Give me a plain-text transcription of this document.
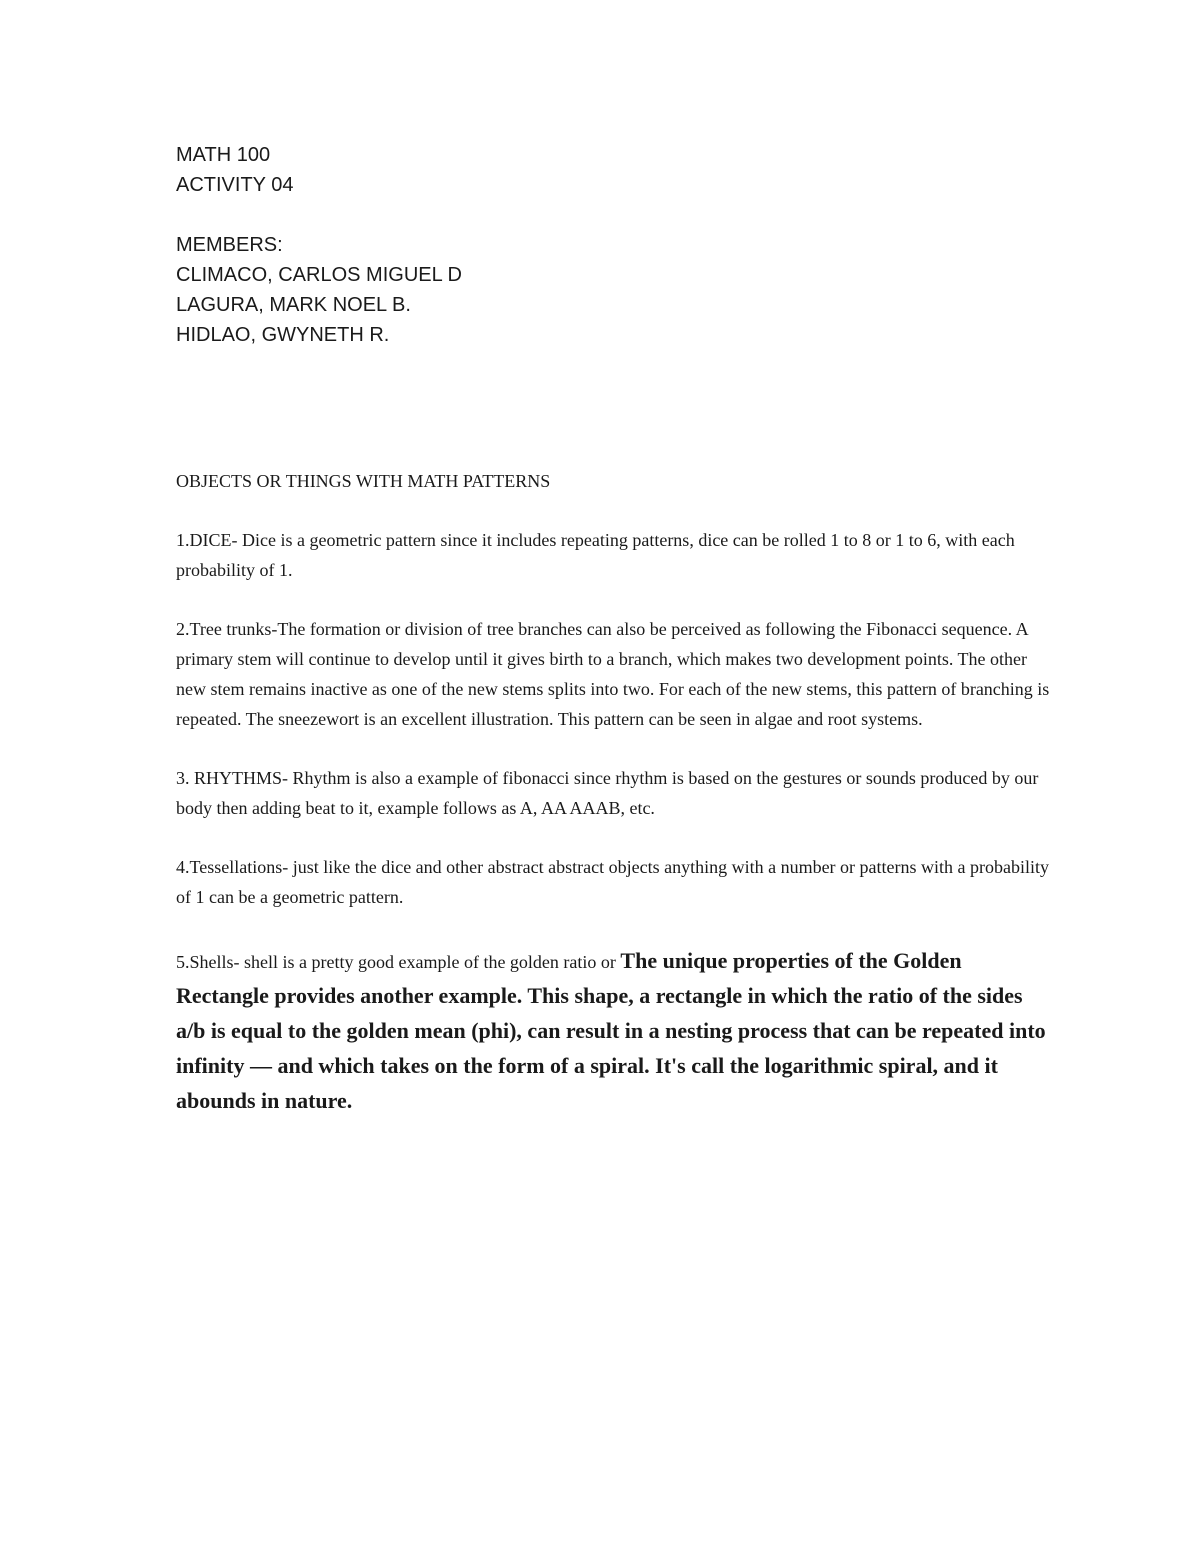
MATH 100
ACTIVITY 04
MEMBERS:
CLIMACO, CARLOS MIGUEL D
LAGURA, MARK NOEL B.
HIDLAO, GWYNETH R.

OBJECTS OR THINGS WITH MATH PATTERNS

1.DICE- Dice is a geometric pattern since it includes repeating patterns, dice can be rolled 1 to 8 or 1 to 6, with each probability of 1.

2.Tree trunks-The formation or division of tree branches can also be perceived as following the Fibonacci sequence. A primary stem will continue to develop until it gives birth to a branch, which makes two development points. The other new stem remains inactive as one of the new stems splits into two. For each of the new stems, this pattern of branching is repeated. The sneezewort is an excellent illustration. This pattern can be seen in algae and root systems.

3. RHYTHMS- Rhythm is also a example of fibonacci since rhythm is based on the gestures or sounds produced by our body then adding beat to it, example follows as A, AA AAAB, etc.

4.Tessellations- just like the dice and other abstract abstract objects anything with a number or patterns with a probability of 1 can be a geometric pattern.

5.Shells- shell is a pretty good example of the golden ratio or The unique properties of the Golden Rectangle provides another example. This shape, a rectangle in which the ratio of the sides a/b is equal to the golden mean (phi), can result in a nesting process that can be repeated into infinity — and which takes on the form of a spiral. It's call the logarithmic spiral, and it abounds in nature.
